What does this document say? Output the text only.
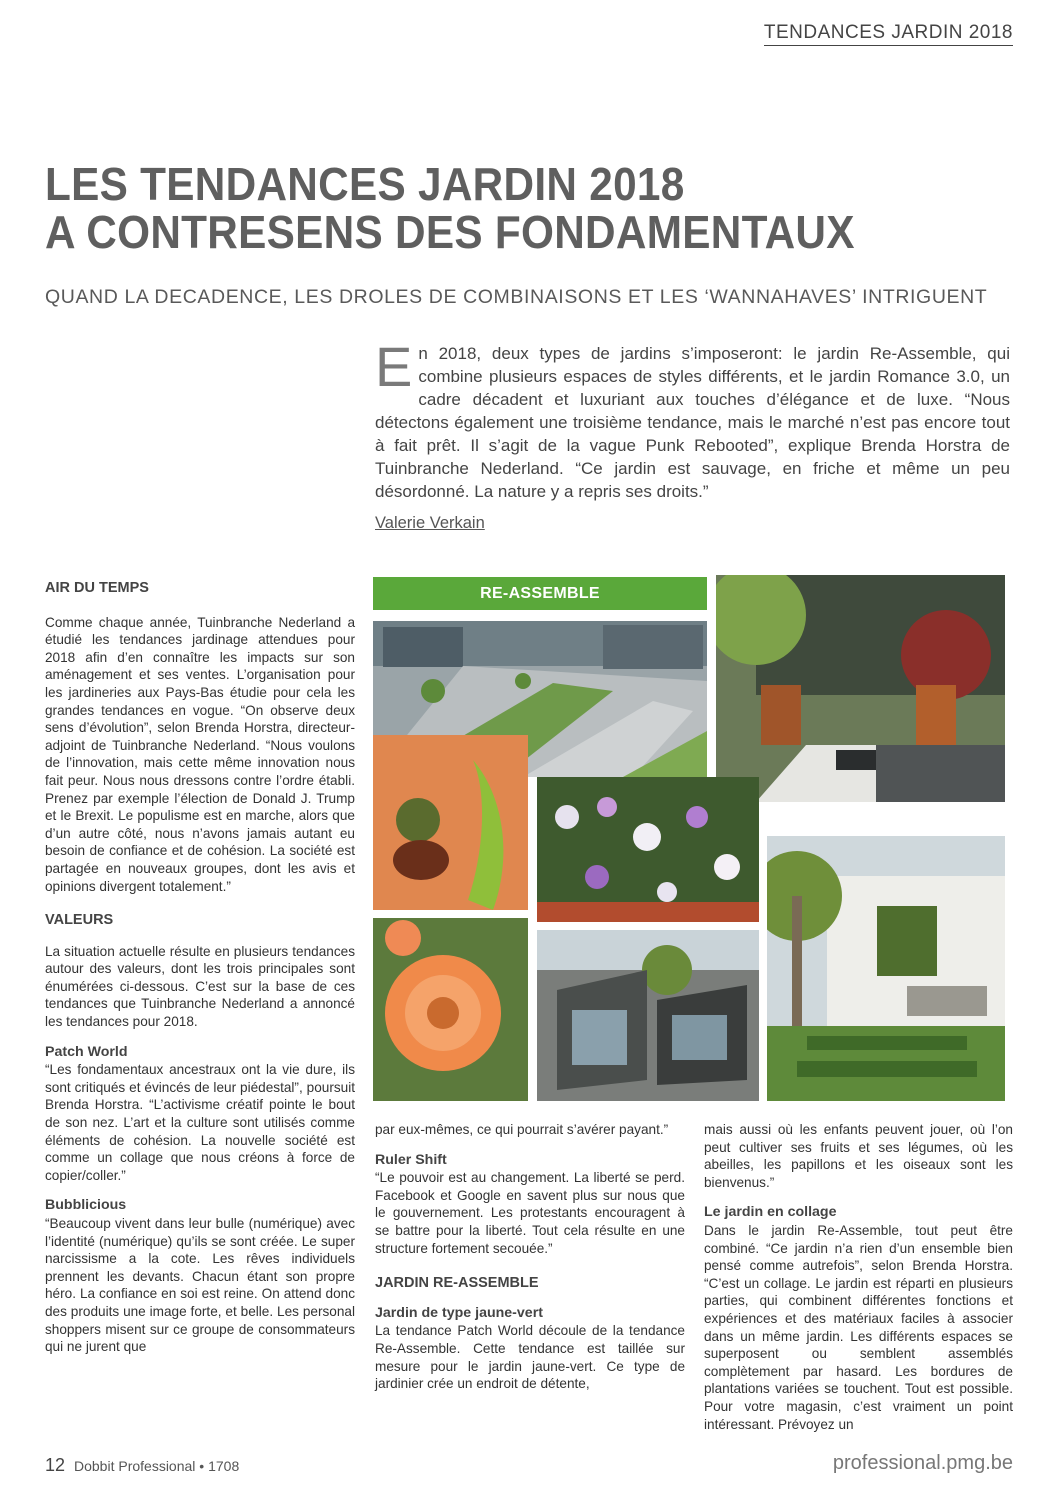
TENDANCES JARDIN 2018
LES TENDANCES JARDIN 2018
A CONTRESENS DES FONDAMENTAUX
QUAND LA DECADENCE, LES DROLES DE COMBINAISONS ET LES ‘WANNAHAVES’ INTRIGUENT
E n 2018, deux types de jardins s’imposeront: le jardin Re-Assemble, qui combine plusieurs espaces de styles différents, et le jardin Romance 3.0, un cadre décadent et luxuriant aux touches d’élégance et de luxe. “Nous détectons également une troisième tendance, mais le marché n’est pas encore tout à fait prêt. Il s’agit de la vague Punk Rebooted”, explique Brenda Horstra de Tuinbranche Nederland. “Ce jardin est sauvage, en friche et même un peu désordonné. La nature y a repris ses droits.”
Valerie Verkain
AIR DU TEMPS

Comme chaque année, Tuinbranche Nederland a étudié les tendances jardinage attendues pour 2018 afin d’en connaître les impacts sur son aménagement et ses ventes. L’organisation pour les jardineries aux Pays-Bas étudie pour cela les grandes tendances en vogue. “On observe deux sens d’évolution”, selon Brenda Horstra, directeur-adjoint de Tuinbranche Nederland. “Nous voulons de l’innovation, mais cette même innovation nous fait peur. Nous nous dressons contre l’ordre établi. Prenez par exemple l’élection de Donald J. Trump et le Brexit. Le populisme est en marche, alors que d’un autre côté, nous n’avons jamais autant eu besoin de confiance et de cohésion. La société est partagée en nouveaux groupes, dont les avis et opinions divergent totalement.”

VALEURS

La situation actuelle résulte en plusieurs tendances autour des valeurs, dont les trois principales sont énumérées ci-dessous. C’est sur la base de ces tendances que Tuinbranche Nederland a annoncé les tendances pour 2018.

Patch World

“Les fondamentaux ancestraux ont la vie dure, ils sont critiqués et évincés de leur piédestal”, poursuit Brenda Horstra. “L’activisme créatif pointe le bout de son nez. L’art et la culture sont utilisés comme éléments de cohésion. La nouvelle société est comme un collage que nous créons à force de copier/coller.”

Bubblicious

“Beaucoup vivent dans leur bulle (numérique) avec l’identité (numérique) qu’ils se sont créée. Le super narcissisme a la cote. Les rêves individuels prennent les devants. Chacun étant son propre héro. La confiance en soi est reine. On attend donc des produits une image forte, et belle. Les personal shoppers misent sur ce groupe de consommateurs qui ne jurent que

RE-ASSEMBLE

par eux-mêmes, ce qui pourrait s’avérer payant.”

Ruler Shift

“Le pouvoir est au changement. La liberté se perd. Facebook et Google en savent plus sur nous que le gouvernement. Les protestants encouragent à se battre pour la liberté. Tout cela résulte en une structure fortement secouée.”

JARDIN RE-ASSEMBLE
Jardin de type jaune-vert

La tendance Patch World découle de la tendance Re-Assemble. Cette tendance est taillée sur mesure pour le jardin jaune-vert. Ce type de jardinier crée un endroit de détente,

mais aussi où les enfants peuvent jouer, où l’on peut cultiver ses fruits et ses légumes, où les abeilles, les papillons et les oiseaux sont les bienvenus.”

Le jardin en collage

Dans le jardin Re-Assemble, tout peut être combiné. “Ce jardin n’a rien d’un ensemble bien pensé comme autrefois”, selon Brenda Horstra. “C’est un collage. Le jardin est réparti en plusieurs parties, qui combinent différentes fonctions et expériences et des matériaux faciles à associer dans un même jardin. Les différents espaces se superposent ou semblent assemblés complètement par hasard. Les bordures de plantations variées se touchent. Tout est possible. Pour votre magasin, c’est vraiment un point intéressant. Prévoyez un

12 Dobbit Professional • 1708	professional.pmg.be
